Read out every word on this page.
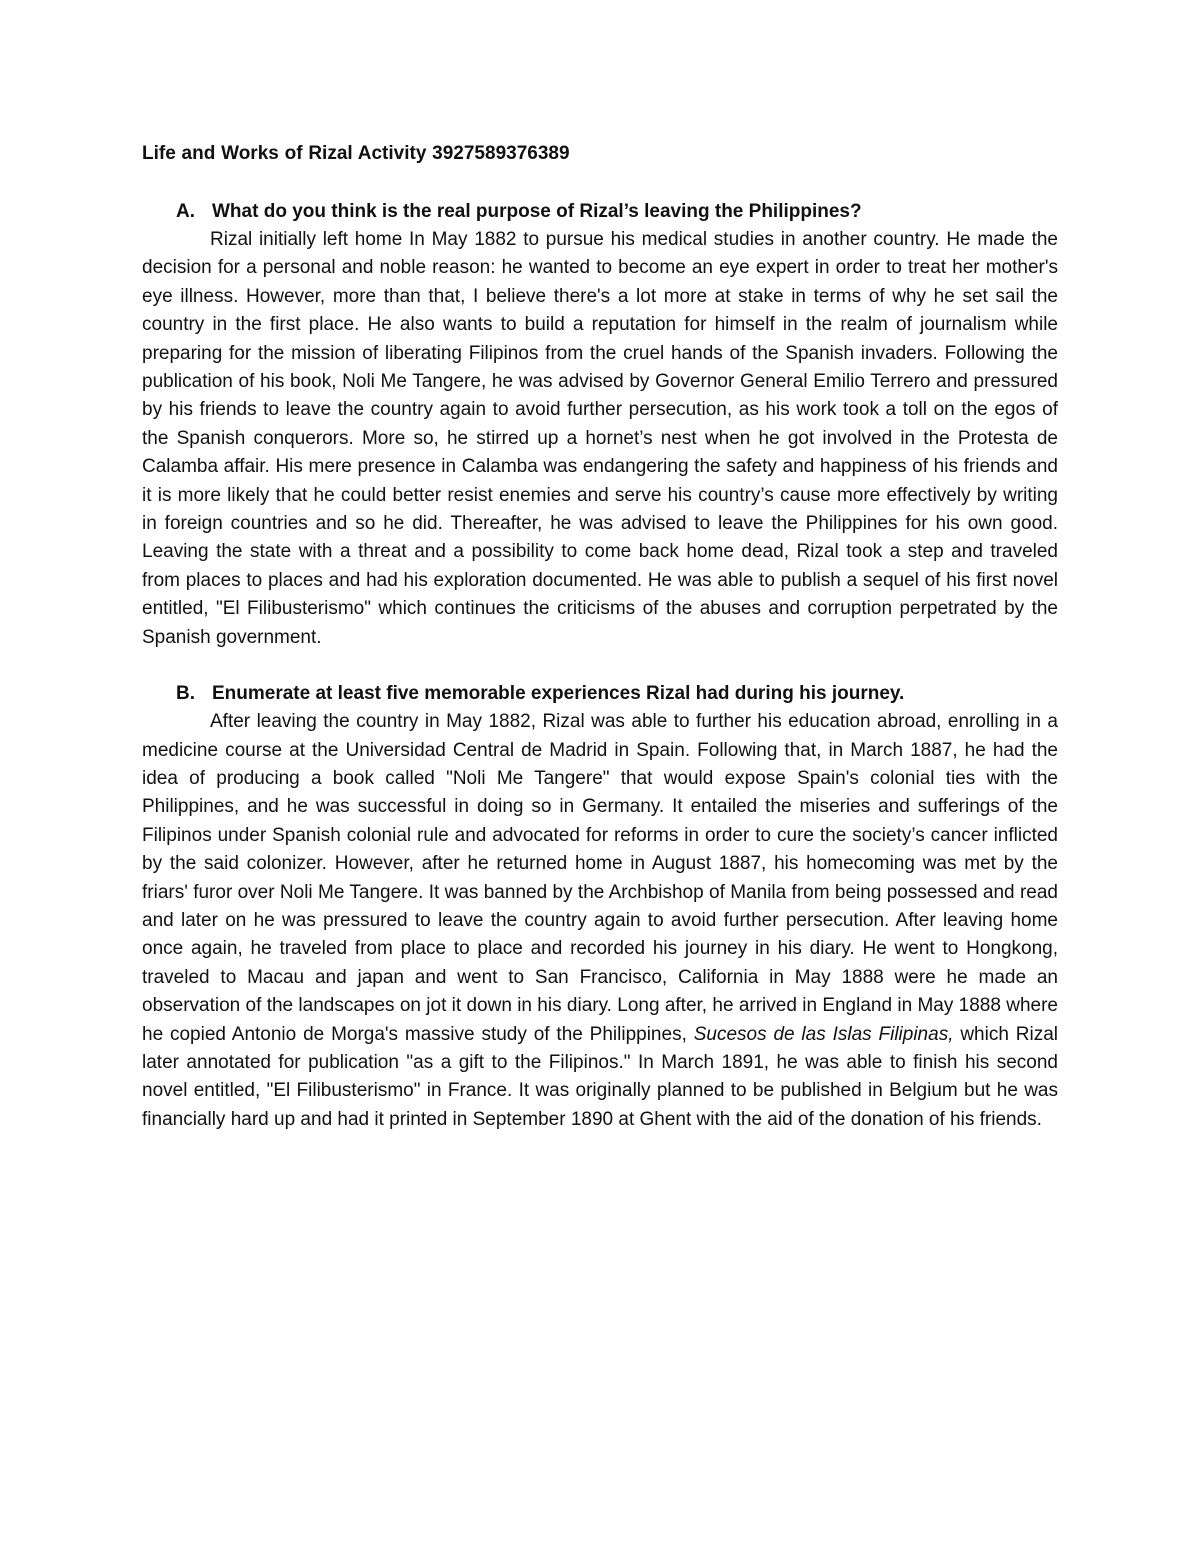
Life and Works of Rizal Activity 3927589376389

A. What do you think is the real purpose of Rizal’s leaving the Philippines?

Rizal initially left home In May 1882 to pursue his medical studies in another country. He made the decision for a personal and noble reason: he wanted to become an eye expert in order to treat her mother's eye illness. However, more than that, I believe there's a lot more at stake in terms of why he set sail the country in the first place. He also wants to build a reputation for himself in the realm of journalism while preparing for the mission of liberating Filipinos from the cruel hands of the Spanish invaders. Following the publication of his book, Noli Me Tangere, he was advised by Governor General Emilio Terrero and pressured by his friends to leave the country again to avoid further persecution, as his work took a toll on the egos of the Spanish conquerors. More so, he stirred up a hornet’s nest when he got involved in the Protesta de Calamba affair. His mere presence in Calamba was endangering the safety and happiness of his friends and it is more likely that he could better resist enemies and serve his country’s cause more effectively by writing in foreign countries and so he did. Thereafter, he was advised to leave the Philippines for his own good. Leaving the state with a threat and a possibility to come back home dead, Rizal took a step and traveled from places to places and had his exploration documented. He was able to publish a sequel of his first novel entitled, "El Filibusterismo" which continues the criticisms of the abuses and corruption perpetrated by the Spanish government.

B. Enumerate at least five memorable experiences Rizal had during his journey.

After leaving the country in May 1882, Rizal was able to further his education abroad, enrolling in a medicine course at the Universidad Central de Madrid in Spain. Following that, in March 1887, he had the idea of producing a book called "Noli Me Tangere" that would expose Spain's colonial ties with the Philippines, and he was successful in doing so in Germany. It entailed the miseries and sufferings of the Filipinos under Spanish colonial rule and advocated for reforms in order to cure the society’s cancer inflicted by the said colonizer. However, after he returned home in August 1887, his homecoming was met by the friars' furor over Noli Me Tangere. It was banned by the Archbishop of Manila from being possessed and read and later on he was pressured to leave the country again to avoid further persecution. After leaving home once again, he traveled from place to place and recorded his journey in his diary. He went to Hongkong, traveled to Macau and japan and went to San Francisco, California in May 1888 were he made an observation of the landscapes on jot it down in his diary. Long after, he arrived in England in May 1888 where he copied Antonio de Morga's massive study of the Philippines, Sucesos de las Islas Filipinas, which Rizal later annotated for publication "as a gift to the Filipinos." In March 1891, he was able to finish his second novel entitled, "El Filibusterismo" in France. It was originally planned to be published in Belgium but he was financially hard up and had it printed in September 1890 at Ghent with the aid of the donation of his friends.
